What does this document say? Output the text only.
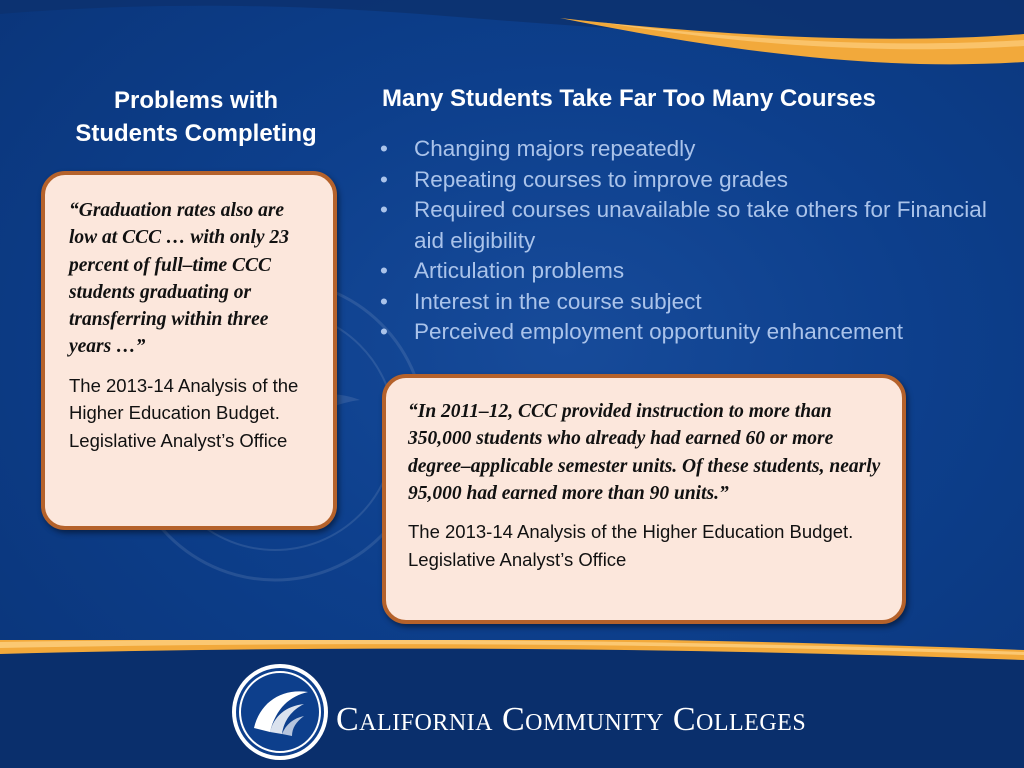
Problems with
Students Completing
“Graduation rates also are low at CCC … with only 23 percent of full–time CCC students graduating or transferring within three years …”
The 2013-14 Analysis of the Higher Education Budget. Legislative Analyst’s Office
Many Students Take Far Too Many Courses
•	Changing majors repeatedly
•	Repeating courses to improve grades
•	Required courses unavailable so take others for Financial aid eligibility
•	Articulation problems
•	Interest in the course subject
•	Perceived employment opportunity enhancement
“In 2011–12, CCC provided instruction to more than 350,000 students who already had earned 60 or more degree–applicable semester units. Of these students, nearly 95,000 had earned more than 90 units.”
The 2013-14 Analysis of the Higher Education Budget. Legislative Analyst’s Office
California Community Colleges
